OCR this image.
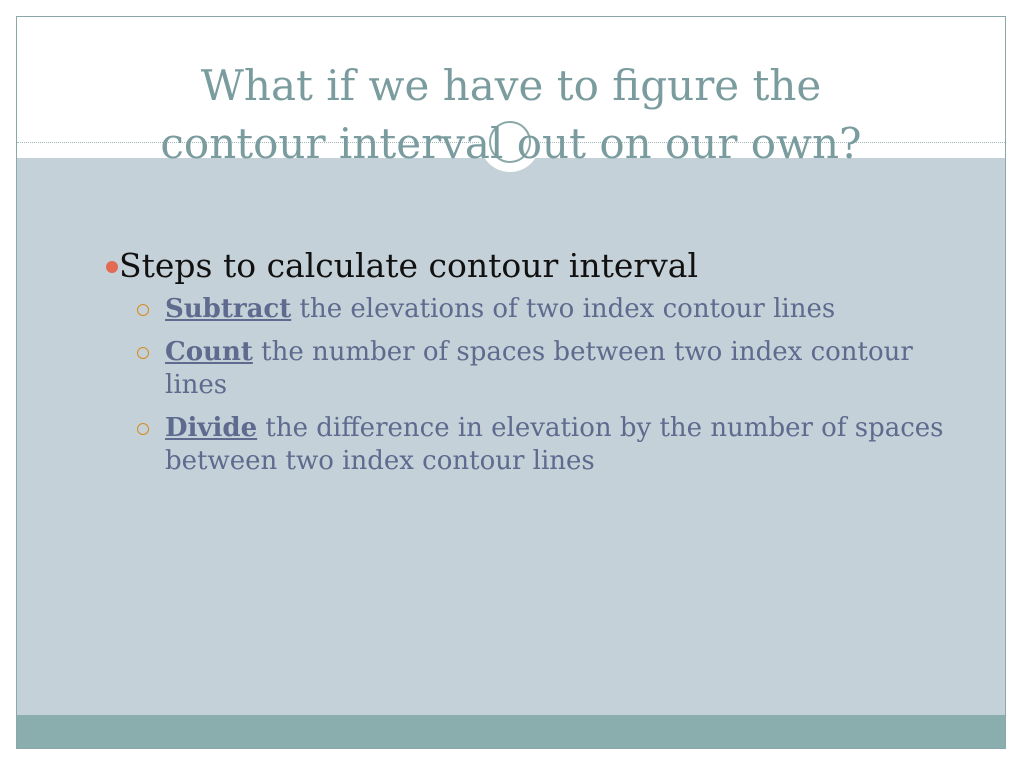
What if we have to figure the
contour interval out on our own?
Steps to calculate contour interval
Subtract the elevations of two index contour lines
Count the number of spaces between two index contour lines
Divide the difference in elevation by the number of spaces between two index contour lines
